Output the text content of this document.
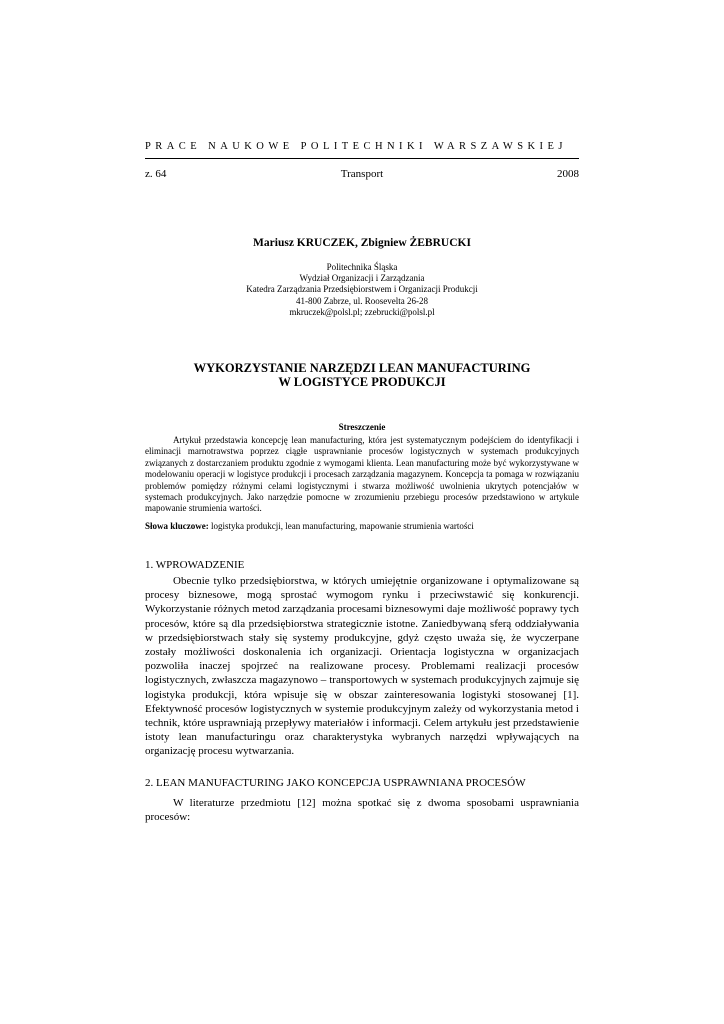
PRACE NAUKOWE POLITECHNIKI WARSZAWSKIEJ
Transport
z. 64	2008
Mariusz KRUCZEK, Zbigniew ŻEBRUCKI
Politechnika Śląska
Wydział Organizacji i Zarządzania
Katedra Zarządzania Przedsiębiorstwem i Organizacji Produkcji
41-800 Zabrze, ul. Roosevelta 26-28
mkruczek@polsl.pl; zzebrucki@polsl.pl
WYKORZYSTANIE NARZĘDZI LEAN MANUFACTURING
W LOGISTYCE PRODUKCJI
Streszczenie

Artykuł przedstawia koncepcję lean manufacturing, która jest systematycznym podejściem do identyfikacji i eliminacji marnotrawstwa poprzez ciągłe usprawnianie procesów logistycznych w systemach produkcyjnych związanych z dostarczaniem produktu zgodnie z wymogami klienta. Lean manufacturing może być wykorzystywane w modelowaniu operacji w logistyce produkcji i procesach zarządzania magazynem. Koncepcja ta pomaga w rozwiązaniu problemów pomiędzy różnymi celami logistycznymi i stwarza możliwość uwolnienia ukrytych potencjałów w systemach produkcyjnych. Jako narzędzie pomocne w zrozumieniu przebiegu procesów przedstawiono w artykule mapowanie strumienia wartości.

Słowa kluczowe: logistyka produkcji, lean manufacturing, mapowanie strumienia wartości
1. WPROWADZENIE

Obecnie tylko przedsiębiorstwa, w których umiejętnie organizowane i optymalizowane są procesy biznesowe, mogą sprostać wymogom rynku i przeciwstawić się konkurencji. Wykorzystanie różnych metod zarządzania procesami biznesowymi daje możliwość poprawy tych procesów, które są dla przedsiębiorstwa strategicznie istotne. Zaniedbywaną sferą oddziaływania w przedsiębiorstwach stały się systemy produkcyjne, gdyż często uważa się, że wyczerpane zostały możliwości doskonalenia ich organizacji. Orientacja logistyczna w organizacjach pozwoliła inaczej spojrzeć na realizowane procesy. Problemami realizacji procesów logistycznych, zwłaszcza magazynowo – transportowych w systemach produkcyjnych zajmuje się logistyka produkcji, która wpisuje się w obszar zainteresowania logistyki stosowanej [1]. Efektywność procesów logistycznych w systemie produkcyjnym zależy od wykorzystania metod i technik, które usprawniają przepływy materiałów i informacji. Celem artykułu jest przedstawienie istoty lean manufacturingu oraz charakterystyka wybranych narzędzi wpływających na organizację procesu wytwarzania.

2. LEAN MANUFACTURING JAKO KONCEPCJA USPRAWNIANA PROCESÓW

W literaturze przedmiotu [12] można spotkać się z dwoma sposobami usprawniania procesów:
